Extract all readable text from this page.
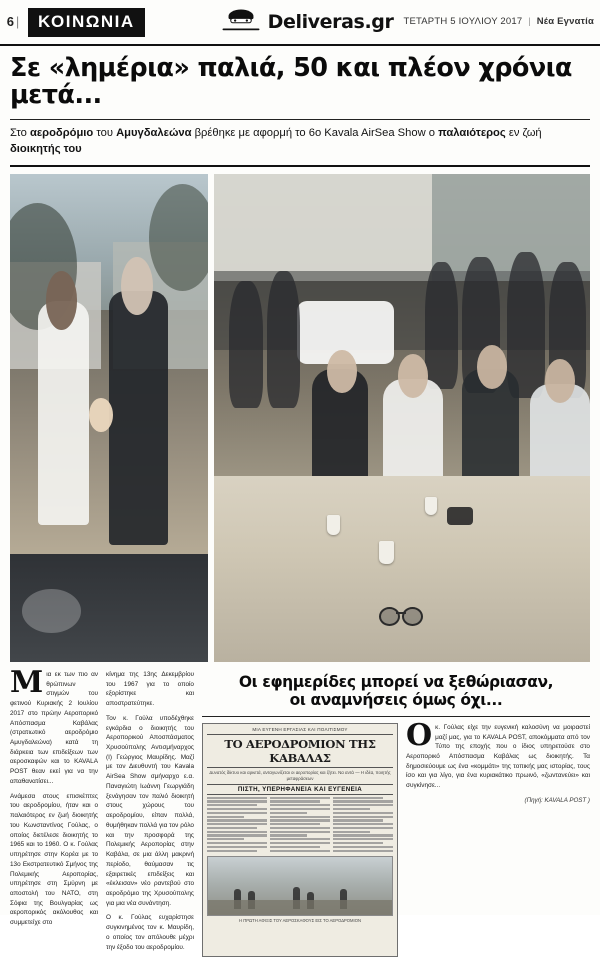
6 |	ΚΟΙΝΩΝΙΑ	Deliveras.gr ΤΕΤΑΡΤΗ 5 ΙΟΥΛΙΟΥ 2017 | Νέα Εγνατία
Σε «λημέρια» παλιά, 50 και πλέον χρόνια μετά...
Στο αεροδρόμιο του Αμυγδαλεώνα βρέθηκε με αφορμή το 6ο Kavala AirSea Show ο παλαιότερος εν ζωή διοικητής του

Μια εκ των πιο αν θρώπινων στιγμών του φετινού Κυριακής 2 Ιουλίου 2017 στο πρώην Αεροπορικό Απόσπασμα Καβάλας (στρατιωτικό αεροδρόμιο Αμυγδαλεώνα) κατά τη διάρκεια των επιδείξεων των αεροσκαφών και το KAVALA POST θεαν εκεί για να την απαθανατίσει...

Ανάμεσα στους επισκέπτες του αεροδρομίου, ήταν και ο παλαιότερος εν ζωή διοικητής του Κωνσταντίνος Γούλας, ο οποίος διετέλεσε διοικητής το 1965 και το 1960. Ο κ. Γούλας υπηρέτησε στην Κορέα με το 13ο Εκστρατευτικό Σμήνος της Πολεμικής Αεροπορίας, υπηρέτησε στη Σμύρνη με αποστολή του ΝΑΤΟ, στη Σόφια της Βουλγαρίας ως αεροπορικός ακόλουθος και συμμετείχε στο

κίνημα της 13ης Δεκεμβρίου του 1967 για το οποίο εξορίστηκε και αποστρατεύτηκε.

Τον κ. Γούλα υποδέχθηκε εγκάρδια ο διοικητής του Αεροπορικού Αποσπάσματος Χρυσούπολης Αντισμήναρχος (Ι) Γεώργιος Μαυρίδης. Μαζί με τον Διευθυντή του Kavala AirSea Show σμήναρχο ε.α. Παναγιώτη Ιωάννη Γεωργιάδη ξενάγησαν τον παλιό διοικητή στους χώρους του αεροδρομίου, είπαν πολλά, θυμήθηκαν πολλά για τον ρόλο και την προσφορά της Πολεμικής Αεροπορίας στην Καβάλα, σε μια άλλη μακρινή περίοδο, θαύμασαν τις εξαιρετικές επιδείξεις και «έκλεισαν» νέο ραντεβού στο αεροδρόμιο της Χρυσούπολης για μια νέα συνάντηση.

Ο κ. Γούλας ευχαρίστησε συγκινημένος τον κ. Μαυρίδη, ο οποίος τον απόλουθε μέχρι την έξοδο του αεροδρομίου.

Οι εφημερίδες μπορεί να ξεθώριασαν,
οι αναμνήσεις όμως όχι...
ΜΙΑ ΕΥΓΕΝΗ ΕΡΓΑΣΙΑΣ ΚΑΙ ΠΟΛΙΤΙΣΜΟΥ
ΤΟ ΑΕΡΟΔΡΟΜΙΟΝ ΤΗΣ ΚΑΒΑΛΑΣ
Δυνατός δίκτυο και αρκετά, ανταγωνίζεται οι αεροπορίας και ζήτει. Να αντά — Η ιδέα, ποιητής μεταφράσεων
ΠΙΣΤΗ, ΥΠΕΡΗΦΑΝΕΙΑ ΚΑΙ ΕΥΓΕΝΕΙΑ
Η ΠΡΩΤΗ ΑΦΙΞΙΣ ΤΟΥ ΑΕΡΟΣΚΑΦΟΥΣ ΕΙΣ ΤΟ ΑΕΡΟΔΡΟΜΙΟΝ

Ο κ. Γούλας είχε την ευγενική καλοσύνη να μοιραστεί μαζί μας, για το KAVALA POST, αποκόμματα από τον Τύπο της εποχής που ο ίδιος υπηρετούσε στο Αεροπορικό Απόσπασμα Καβάλας ως διοικητής. Τα δημοσιεύουμε ως ένα «κομμάτι» της τοπικής μας ιστορίας, τους ίσο και για λίγο, για ένα κυριακάτικο πρωινό, «ζωντανεύει» και συγκίνησε...

(Πηγή: KAVALA POST )
